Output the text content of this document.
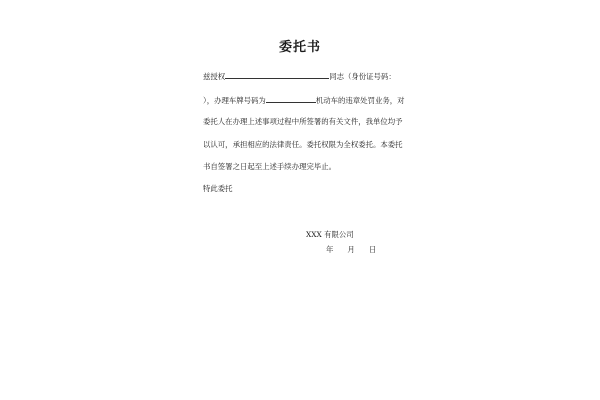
委托书
兹授权	同志（身份证号码：
），办理车牌号码为	机动车的违章处罚业务，对
委托人在办理上述事项过程中所签署的有关文件，我单位均予
以认可，承担相应的法律责任。委托权限为全权委托。本委托
书自签署之日起至上述手续办理完毕止。
特此委托
XXX 有限公司
年 月 日
